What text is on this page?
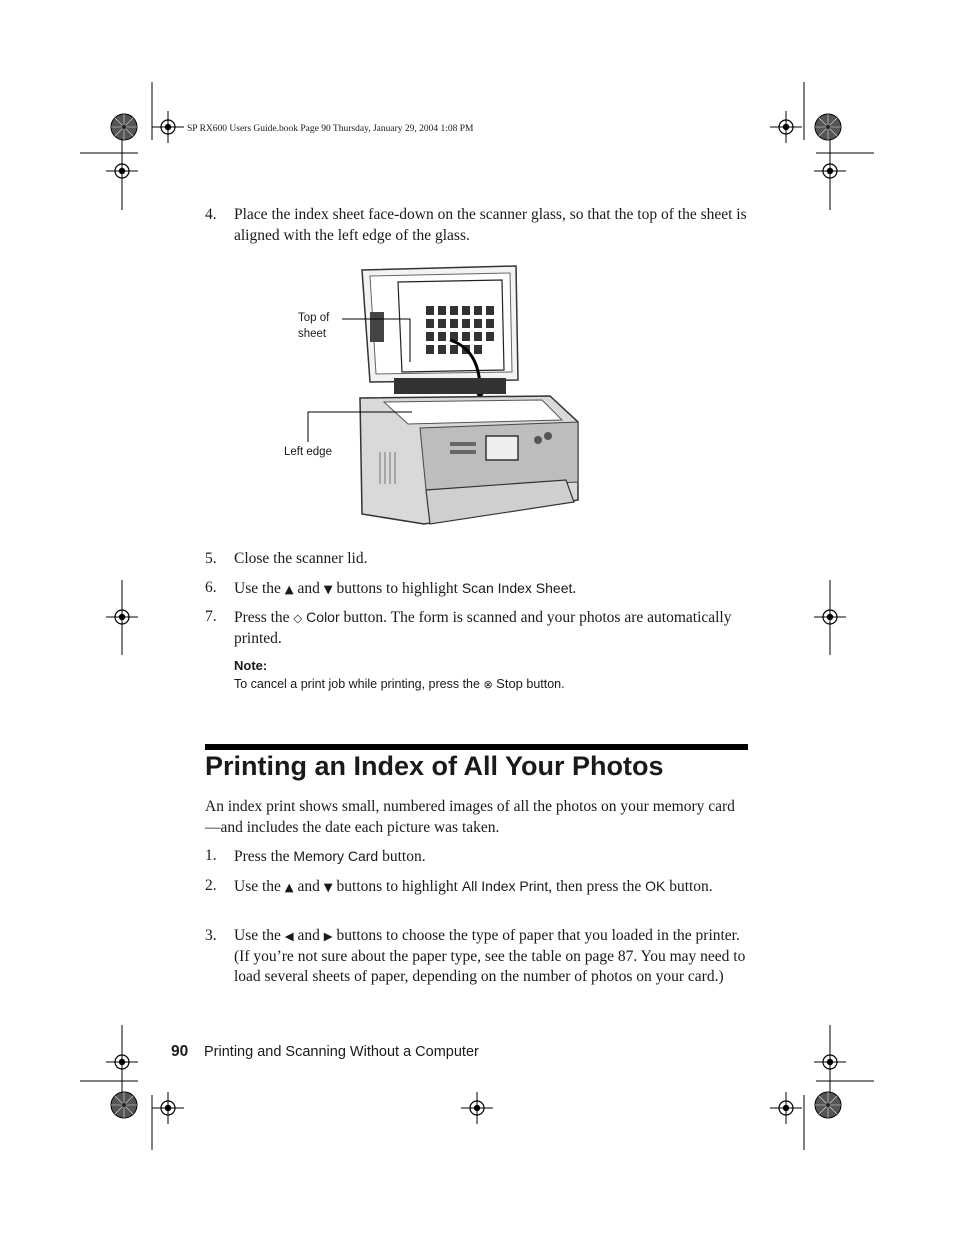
SP RX600 Users Guide.book Page 90 Thursday, January 29, 2004 1:08 PM
4.	Place the index sheet face-down on the scanner glass, so that the top of the sheet is aligned with the left edge of the glass.
Top of sheet
Left edge
5.	Close the scanner lid.
6.	Use the ▲ and ▼ buttons to highlight Scan Index Sheet.
7.	Press the ◇ Color button. The form is scanned and your photos are automatically printed.
Note:
To cancel a print job while printing, press the ⊗ Stop button.
Printing an Index of All Your Photos
An index print shows small, numbered images of all the photos on your memory card—and includes the date each picture was taken.
1.	Press the Memory Card button.
2.	Use the ▲ and ▼ buttons to highlight All Index Print, then press the OK button.
3.	Use the ◀ and ▶ buttons to choose the type of paper that you loaded in the printer. (If you’re not sure about the paper type, see the table on page 87. You may need to load several sheets of paper, depending on the number of photos on your card.)
90 Printing and Scanning Without a Computer
